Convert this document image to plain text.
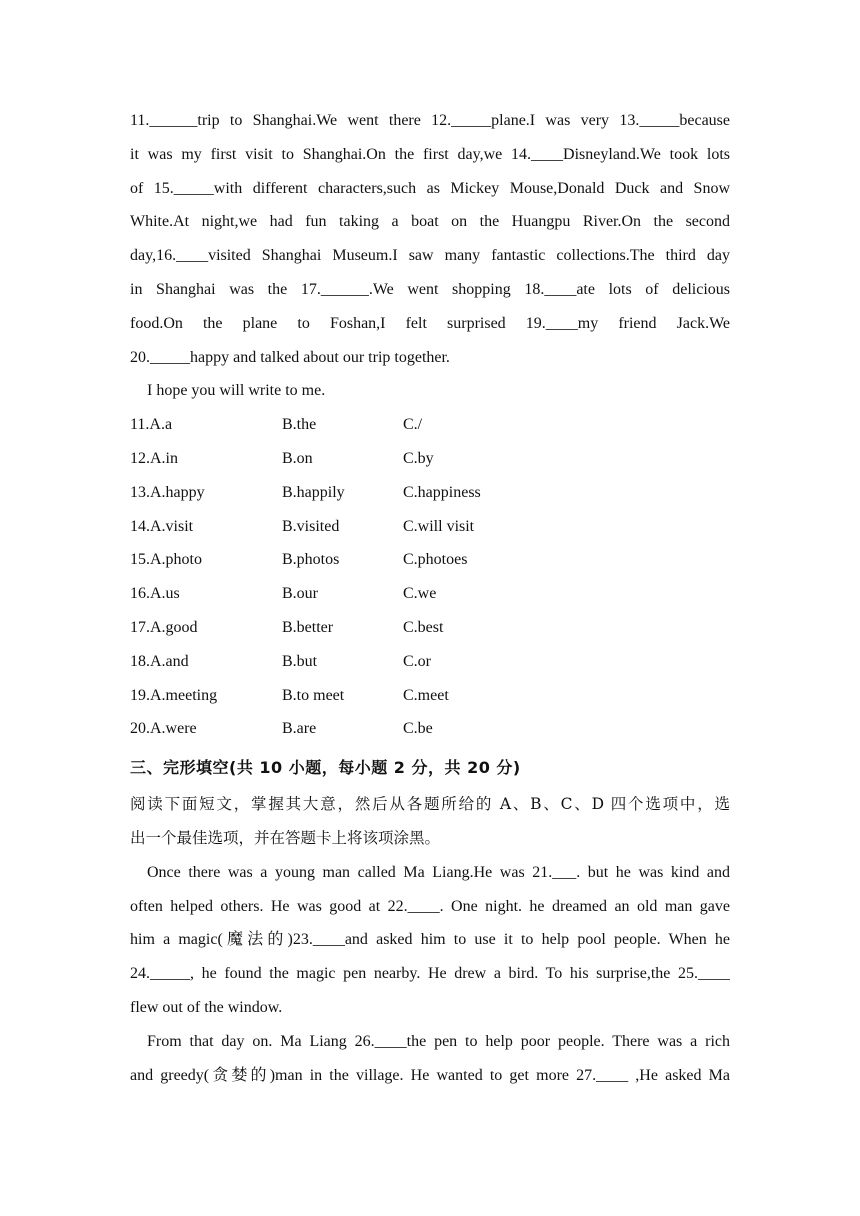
11.______trip to Shanghai.We went there 12._____plane.I was very 13._____because
it was my first visit to Shanghai.On the first day,we 14.____Disneyland.We took lots
of 15._____with different characters,such as Mickey Mouse,Donald Duck and Snow
White.At night,we had fun taking a boat on the Huangpu River.On the second
day,16.____visited Shanghai Museum.I saw many fantastic collections.The third day
in Shanghai was the 17.______.We went shopping 18.____ate lots of delicious
food.On the plane to Foshan,I felt surprised 19.____my friend Jack.We
20._____happy and talked about our trip together.
I hope you will write to me.
11.A.a	B.the	C./
12.A.in	B.on	C.by
13.A.happy	B.happily	C.happiness
14.A.visit	B.visited	C.will visit
15.A.photo	B.photos	C.photoes
16.A.us	B.our	C.we
17.A.good	B.better	C.best
18.A.and	B.but	C.or
19.A.meeting	B.to meet	C.meet
20.A.were	B.are	C.be
三、完形填空(共 10 小题，每小题 2 分，共 20 分)
阅读下面短文，掌握其大意，然后从各题所给的 A、B、C、D 四个选项中，选
出一个最佳选项，并在答题卡上将该项涂黑。
Once there was a young man called Ma Liang.He was 21.___. but he was kind and
often helped others. He was good at 22.____. One night. he dreamed an old man gave
him a magic(魔法的)23.____and asked him to use it to help pool people. When he
24._____, he found the magic pen nearby. He drew a bird. To his surprise,the 25.____
flew out of the window.
From that day on. Ma Liang 26.____the pen to help poor people. There was a rich
and greedy(贪婪的)man in the village. He wanted to get more 27.____ ,He asked Ma
